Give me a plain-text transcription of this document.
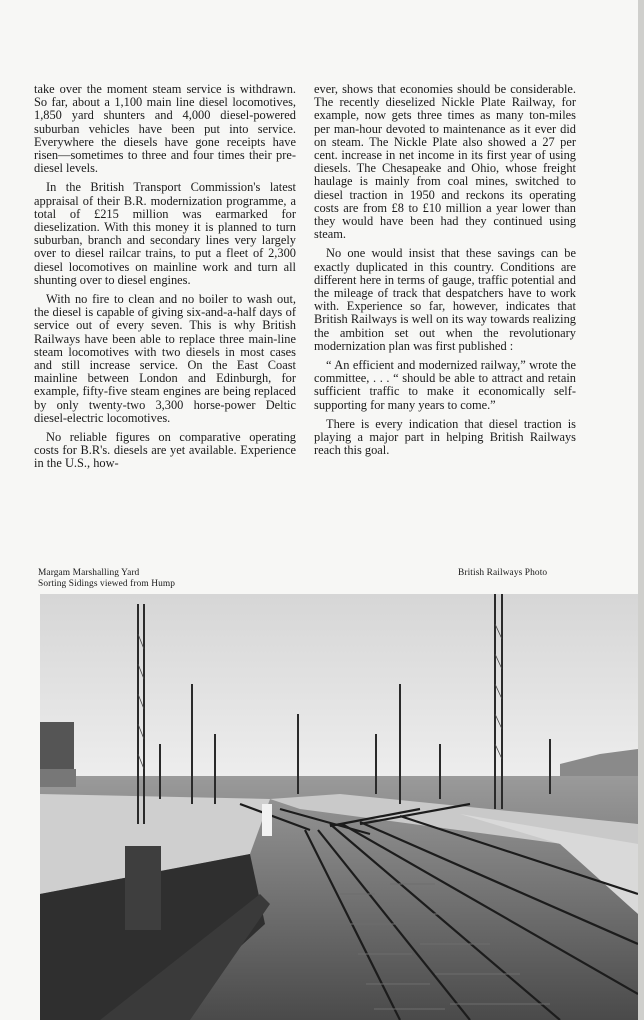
take over the moment steam service is withdrawn. So far, about a 1,100 main line diesel locomotives, 1,850 yard shunters and 4,000 diesel-powered suburban vehicles have been put into service. Everywhere the diesels have gone receipts have risen—sometimes to three and four times their pre-diesel levels.

In the British Transport Commission's latest appraisal of their B.R. modernization programme, a total of £215 million was earmarked for dieselization. With this money it is planned to turn suburban, branch and secondary lines very largely over to diesel railcar trains, to put a fleet of 2,300 diesel locomotives on mainline work and turn all shunting over to diesel engines.

With no fire to clean and no boiler to wash out, the diesel is capable of giving six-and-a-half days of service out of every seven. This is why British Railways have been able to replace three main-line steam locomotives with two diesels in most cases and still increase service. On the East Coast mainline between London and Edinburgh, for example, fifty-five steam engines are being replaced by only twenty-two 3,300 horse-power Deltic diesel-electric locomotives.

No reliable figures on comparative operating costs for B.R's. diesels are yet available. Experience in the U.S., how-

ever, shows that economies should be considerable. The recently dieselized Nickle Plate Railway, for example, now gets three times as many ton-miles per man-hour devoted to maintenance as it ever did on steam. The Nickle Plate also showed a 27 per cent. increase in net income in its first year of using diesels. The Chesapeake and Ohio, whose freight haulage is mainly from coal mines, switched to diesel traction in 1950 and reckons its operating costs are from £8 to £10 million a year lower than they would have been had they continued using steam.

No one would insist that these savings can be exactly duplicated in this country. Conditions are different here in terms of gauge, traffic potential and the mileage of track that despatchers have to work with. Experience so far, however, indicates that British Railways is well on its way towards realizing the ambition set out when the revolutionary modernization plan was first published :

“ An efficient and modernized railway,” wrote the committee, . . . “ should be able to attract and retain sufficient traffic to make it economically self-supporting for many years to come.”

There is every indication that diesel traction is playing a major part in helping British Railways reach this goal.

Margam Marshalling Yard
Sorting Sidings viewed from Hump
British Railways Photo
